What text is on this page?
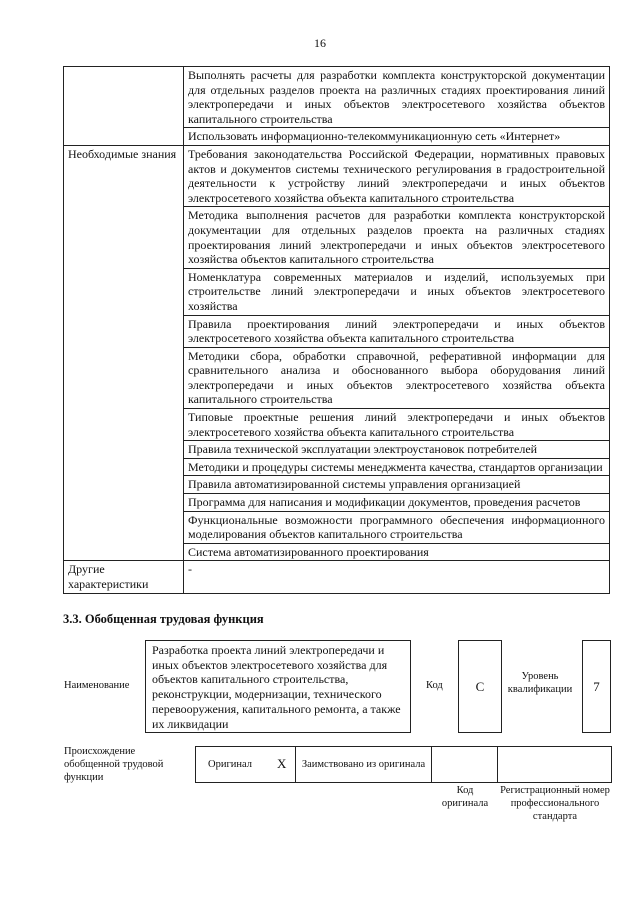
16
	Выполнять расчеты для разработки комплекта конструкторской документации для отдельных разделов проекта на различных стадиях проектирования линий электропередачи и иных объектов электросетевого хозяйства объектов капитального строительства
	Использовать информационно-телекоммуникационную сеть «Интернет»
Необходимые знания	Требования законодательства Российской Федерации, нормативных правовых актов и документов системы технического регулирования в градостроительной деятельности к устройству линий электропередачи и иных объектов электросетевого хозяйства объекта капитального строительства
	Методика выполнения расчетов для разработки комплекта конструкторской документации для отдельных разделов проекта на различных стадиях проектирования линий электропередачи и иных объектов электросетевого хозяйства объектов капитального строительства
	Номенклатура современных материалов и изделий, используемых при строительстве линий электропередачи и иных объектов электросетевого хозяйства
	Правила проектирования линий электропередачи и иных объектов электросетевого хозяйства объекта капитального строительства
	Методики сбора, обработки справочной, реферативной информации для сравнительного анализа и обоснованного выбора оборудования линий электропередачи и иных объектов электросетевого хозяйства объекта капитального строительства
	Типовые проектные решения линий электропередачи и иных объектов электросетевого хозяйства объекта капитального строительства
	Правила технической эксплуатации электроустановок потребителей
	Методики и процедуры системы менеджмента качества, стандартов организации
	Правила автоматизированной системы управления организацией
	Программа для написания и модификации документов, проведения расчетов
	Функциональные возможности программного обеспечения информационного моделирования объектов капитального строительства
	Система автоматизированного проектирования
Другие характеристики	-
3.3. Обобщенная трудовая функция
Наименование
Разработка проекта линий электропередачи и иных объектов электросетевого хозяйства для объектов капитального строительства, реконструкции, модернизации, технического перевооружения, капитального ремонта, а также их ликвидации
Код	C
Уровень квалификации	7
Происхождение обобщенной трудовой функции
Оригинал X Заимствовано из оригинала
Код оригинала
Регистрационный номер профессионального стандарта
